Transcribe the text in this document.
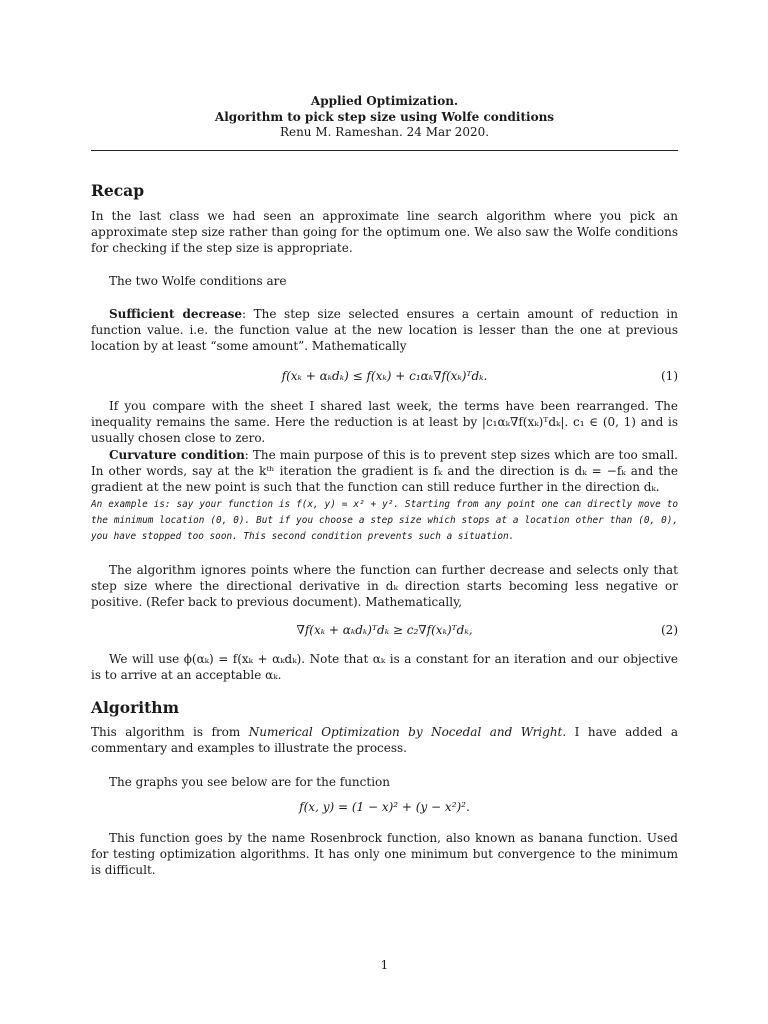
Applied Optimization.
Algorithm to pick step size using Wolfe conditions
Renu M. Rameshan. 24 Mar 2020.
Recap

In the last class we had seen an approximate line search algorithm where you pick an approximate step size rather than going for the optimum one. We also saw the Wolfe conditions for checking if the step size is appropriate.

The two Wolfe conditions are

Sufficient decrease: The step size selected ensures a certain amount of reduction in function value. i.e. the function value at the new location is lesser than the one at previous location by at least “some amount”. Mathematically

f(xₖ + αₖdₖ) ≤ f(xₖ) + c₁αₖ∇f(xₖ)ᵀdₖ.	(1)

If you compare with the sheet I shared last week, the terms have been rearranged. The inequality remains the same. Here the reduction is at least by |c₁αₖ∇f(xₖ)ᵀdₖ|. c₁ ∈ (0, 1) and is usually chosen close to zero.

Curvature condition: The main purpose of this is to prevent step sizes which are too small. In other words, say at the kᵗʰ iteration the gradient is fₖ and the direction is dₖ = −fₖ and the gradient at the new point is such that the function can still reduce further in the direction dₖ.

An example is: say your function is f(x, y) = x² + y². Starting from any point one can directly move to the minimum location (0, 0). But if you choose a step size which stops at a location other than (0, 0), you have stopped too soon. This second condition prevents such a situation.

The algorithm ignores points where the function can further decrease and selects only that step size where the directional derivative in dₖ direction starts becoming less negative or positive. (Refer back to previous document). Mathematically,

∇f(xₖ + αₖdₖ)ᵀdₖ ≥ c₂∇f(xₖ)ᵀdₖ,	(2)

We will use ϕ(αₖ) = f(xₖ + αₖdₖ). Note that αₖ is a constant for an iteration and our objective is to arrive at an acceptable αₖ.

Algorithm

This algorithm is from Numerical Optimization by Nocedal and Wright. I have added a commentary and examples to illustrate the process.

The graphs you see below are for the function

f(x, y) = (1 − x)² + (y − x²)².

This function goes by the name Rosenbrock function, also known as banana function. Used for testing optimization algorithms. It has only one minimum but convergence to the minimum is difficult.

1
